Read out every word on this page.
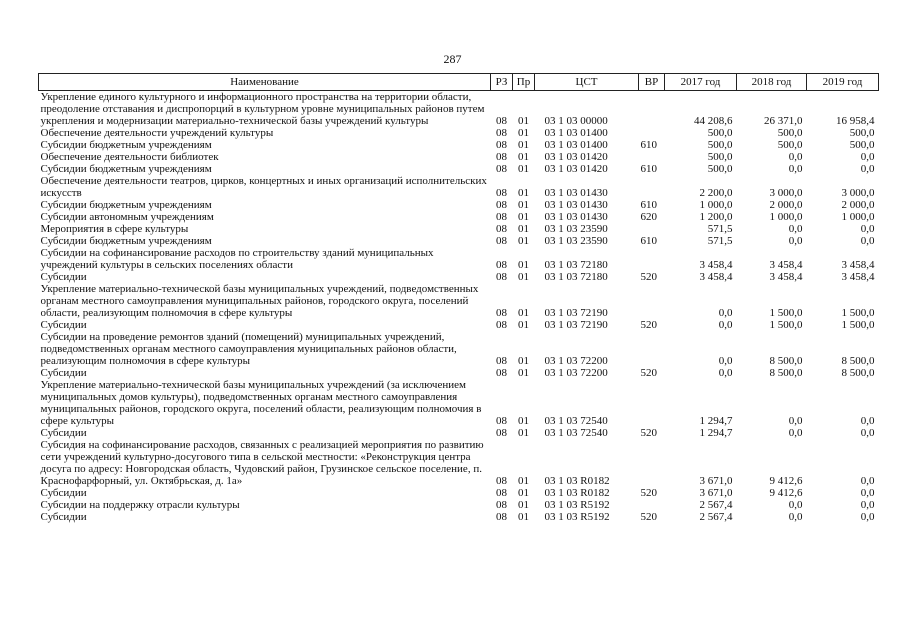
287
Наименование	РЗ	Пр	ЦСТ	ВР	2017 год	2018 год	2019 год
Укрепление единого культурного и информационного пространства на территории области, преодоление отставания и диспропорций в культурном уровне муниципальных районов путем укрепления и модернизации материально-технической базы учреждений культуры	08	01	03 1 03 00000		44 208,6	26 371,0	16 958,4
Обеспечение деятельности учреждений культуры	08	01	03 1 03 01400		500,0	500,0	500,0
Субсидии бюджетным учреждениям	08	01	03 1 03 01400	610	500,0	500,0	500,0
Обеспечение деятельности библиотек	08	01	03 1 03 01420		500,0	0,0	0,0
Субсидии бюджетным учреждениям	08	01	03 1 03 01420	610	500,0	0,0	0,0
Обеспечение деятельности театров, цирков, концертных и иных организаций исполнительских искусств	08	01	03 1 03 01430		2 200,0	3 000,0	3 000,0
Субсидии бюджетным учреждениям	08	01	03 1 03 01430	610	1 000,0	2 000,0	2 000,0
Субсидии автономным учреждениям	08	01	03 1 03 01430	620	1 200,0	1 000,0	1 000,0
Мероприятия в сфере культуры	08	01	03 1 03 23590		571,5	0,0	0,0
Субсидии бюджетным учреждениям	08	01	03 1 03 23590	610	571,5	0,0	0,0
Субсидии на софинансирование расходов по строительству зданий муниципальных учреждений культуры в сельских поселениях области	08	01	03 1 03 72180		3 458,4	3 458,4	3 458,4
Субсидии	08	01	03 1 03 72180	520	3 458,4	3 458,4	3 458,4
Укрепление материально-технической базы муниципальных учреждений, подведомственных органам местного самоуправления муниципальных районов, городского округа, поселений области, реализующим полномочия в сфере культуры	08	01	03 1 03 72190		0,0	1 500,0	1 500,0
Субсидии	08	01	03 1 03 72190	520	0,0	1 500,0	1 500,0
Субсидии на проведение ремонтов зданий (помещений) муниципальных учреждений, подведомственных органам местного самоуправления муниципальных районов области, реализующим полномочия в сфере культуры	08	01	03 1 03 72200		0,0	8 500,0	8 500,0
Субсидии	08	01	03 1 03 72200	520	0,0	8 500,0	8 500,0
Укрепление материально-технической базы муниципальных учреждений (за исключением муниципальных домов культуры), подведомственных органам местного самоуправления муниципальных районов, городского округа, поселений области, реализующим полномочия в сфере культуры	08	01	03 1 03 72540		1 294,7	0,0	0,0
Субсидии	08	01	03 1 03 72540	520	1 294,7	0,0	0,0
Субсидия на софинансирование расходов, связанных с реализацией мероприятия по развитию сети учреждений культурно-досугового типа в сельской местности: «Реконструкция центра досуга по адресу: Новгородская область, Чудовский район, Грузинское сельское поселение, п. Краснофарфорный, ул. Октябрьская, д. 1а»	08	01	03 1 03 R0182		3 671,0	9 412,6	0,0
Субсидии	08	01	03 1 03 R0182	520	3 671,0	9 412,6	0,0
Субсидии на поддержку отрасли культуры	08	01	03 1 03 R5192		2 567,4	0,0	0,0
Субсидии	08	01	03 1 03 R5192	520	2 567,4	0,0	0,0
